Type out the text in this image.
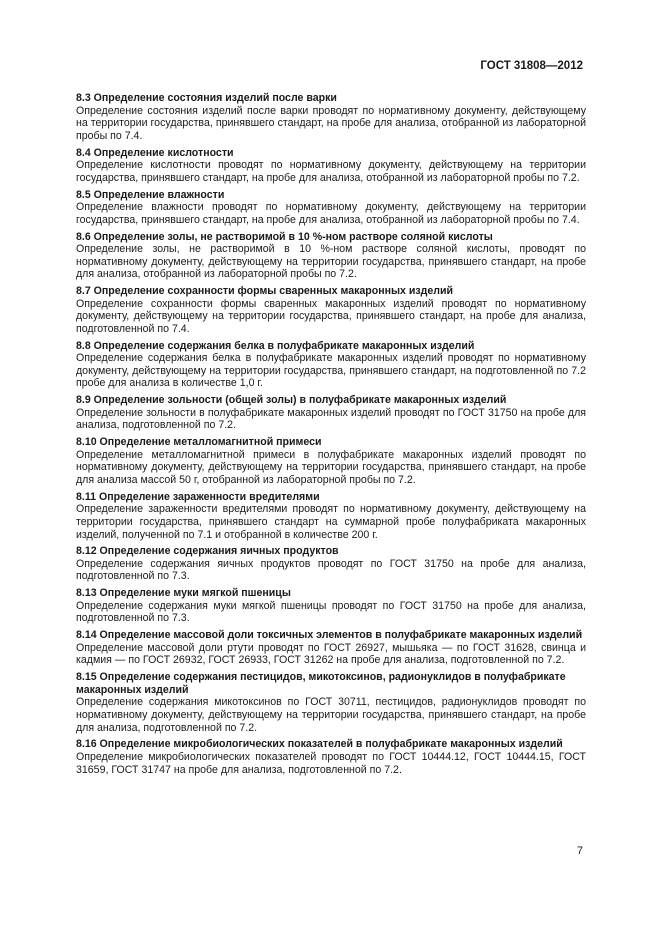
ГОСТ 31808—2012

8.3 Определение состояния изделий после варки

Определение состояния изделий после варки проводят по нормативному документу, действующему на территории государства, принявшего стандарт, на пробе для анализа, отобранной из лабораторной пробы по 7.4.

8.4 Определение кислотности

Определение кислотности проводят по нормативному документу, действующему на территории государства, принявшего стандарт, на пробе для анализа, отобранной из лабораторной пробы по 7.2.

8.5 Определение влажности

Определение влажности проводят по нормативному документу, действующему на территории государства, принявшего стандарт, на пробе для анализа, отобранной из лабораторной пробы по 7.4.

8.6 Определение золы, не растворимой в 10 %-ном растворе соляной кислоты

Определение золы, не растворимой в 10 %-ном растворе соляной кислоты, проводят по нормативному документу, действующему на территории государства, принявшего стандарт, на пробе для анализа, отобранной из лабораторной пробы по 7.2.

8.7 Определение сохранности формы сваренных макаронных изделий

Определение сохранности формы сваренных макаронных изделий проводят по нормативному документу, действующему на территории государства, принявшего стандарт, на пробе для анализа, подготовленной по 7.4.

8.8 Определение содержания белка в полуфабрикате макаронных изделий

Определение содержания белка в полуфабрикате макаронных изделий проводят по нормативному документу, действующему на территории государства, принявшего стандарт, на подготовленной по 7.2 пробе для анализа в количестве 1,0 г.

8.9 Определение зольности (общей золы) в полуфабрикате макаронных изделий

Определение зольности в полуфабрикате макаронных изделий проводят по ГОСТ 31750 на пробе для анализа, подготовленной по 7.2.

8.10 Определение металломагнитной примеси

Определение металломагнитной примеси в полуфабрикате макаронных изделий проводят по нормативному документу, действующему на территории государства, принявшего стандарт, на пробе для анализа массой 50 г, отобранной из лабораторной пробы по 7.2.

8.11 Определение зараженности вредителями

Определение зараженности вредителями проводят по нормативному документу, действующему на территории государства, принявшего стандарт на суммарной пробе полуфабриката макаронных изделий, полученной по 7.1 и отобранной в количестве 200 г.

8.12 Определение содержания яичных продуктов

Определение содержания яичных продуктов проводят по ГОСТ 31750 на пробе для анализа, подготовленной по 7.3.

8.13 Определение муки мягкой пшеницы

Определение содержания муки мягкой пшеницы проводят по ГОСТ 31750 на пробе для анализа, подготовленной по 7.3.

8.14 Определение массовой доли токсичных элементов в полуфабрикате макаронных изделий

Определение массовой доли ртути проводят по ГОСТ 26927, мышьяка — по ГОСТ 31628, свинца и кадмия — по ГОСТ 26932, ГОСТ 26933, ГОСТ 31262 на пробе для анализа, подготовленной по 7.2.

8.15 Определение содержания пестицидов, микотоксинов, радионуклидов в полуфабрикате макаронных изделий

Определение содержания микотоксинов по ГОСТ 30711, пестицидов, радионуклидов проводят по нормативному документу, действующему на территории государства, принявшего стандарт, на пробе для анализа, подготовленной по 7.2.

8.16 Определение микробиологических показателей в полуфабрикате макаронных изделий

Определение микробиологических показателей проводят по ГОСТ 10444.12, ГОСТ 10444.15, ГОСТ 31659, ГОСТ 31747 на пробе для анализа, подготовленной по 7.2.

7
